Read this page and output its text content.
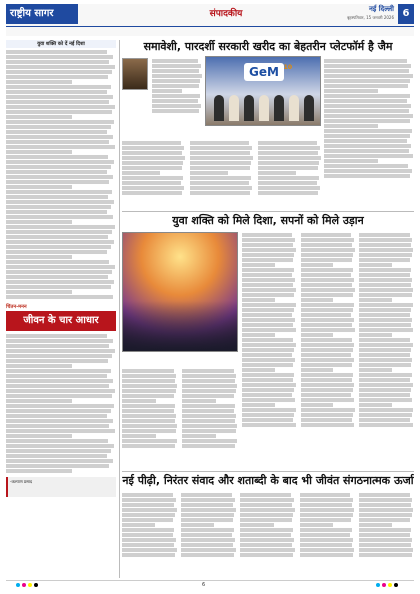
राष्ट्रीय सागर	संपादकीय	नई दिल्ली
बृहस्पतिवार, 15 जनवरी 2026 6
युवा शक्ति को दें नई दिशा
चिंतन-मनन
जीवन के चार आधार
-कल्याण प्रसाद
समावेशी, पारदर्शी सरकारी खरीद का बेहतरीन प्लेटफॉर्म है जैम
GeM 10
युवा शक्ति को मिले दिशा, सपनों को मिले उड़ान
नई पीढ़ी, निरंतर संवाद और शताब्दी के बाद भी जीवंत संगठनात्मक ऊर्जा
6
